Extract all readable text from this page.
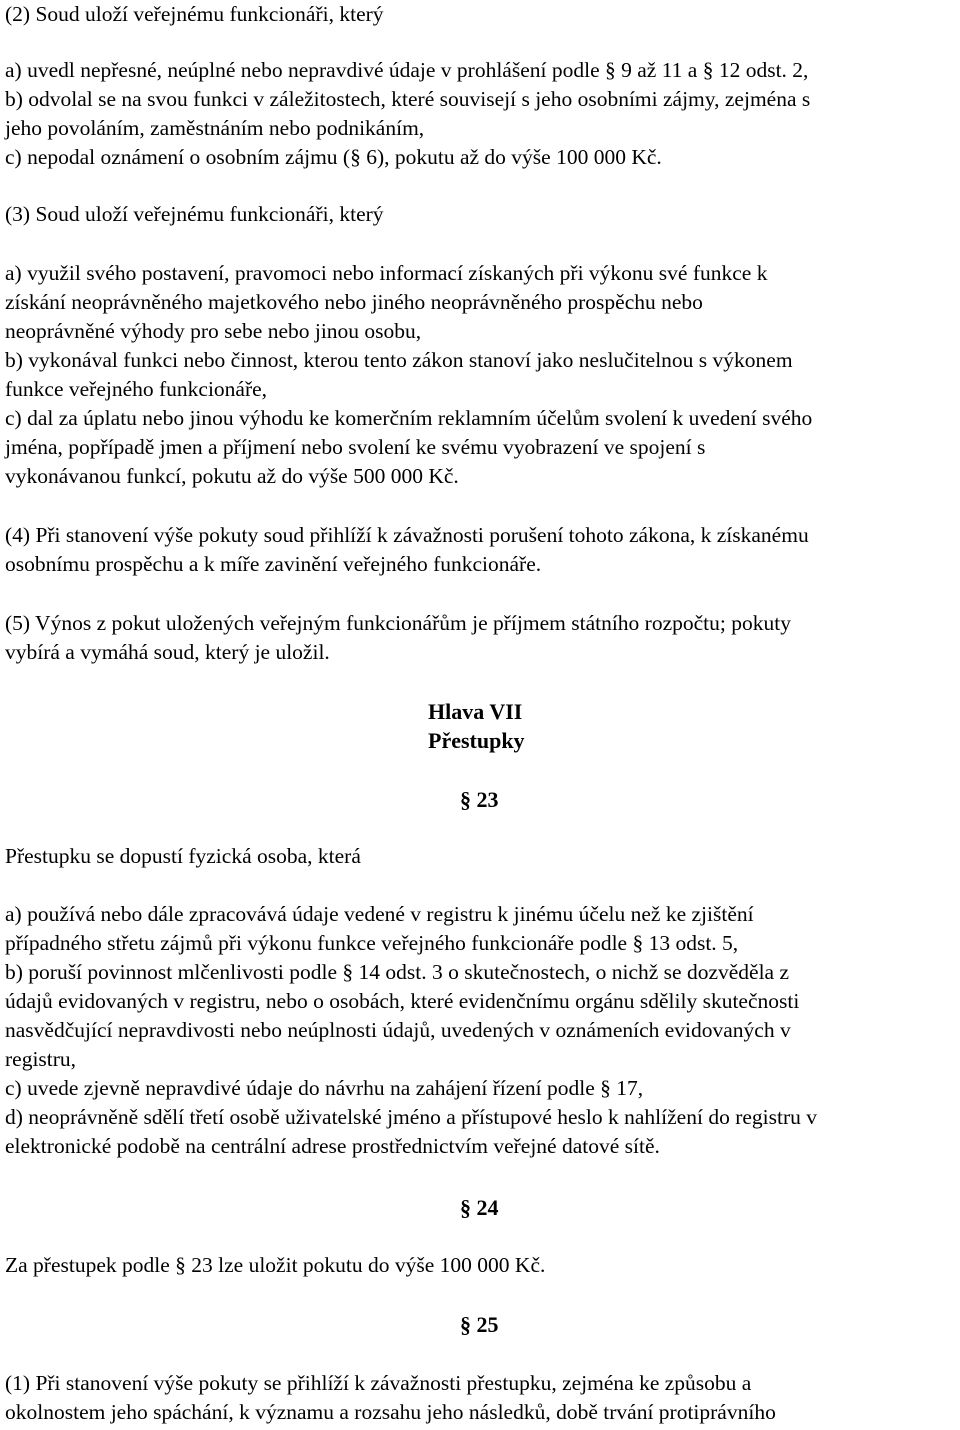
(2) Soud uloží veřejnému funkcionáři, který
a) uvedl nepřesné, neúplné nebo nepravdivé údaje v prohlášení podle § 9 až 11 a § 12 odst. 2,
b) odvolal se na svou funkci v záležitostech, které souvisejí s jeho osobními zájmy, zejména s
jeho povoláním, zaměstnáním nebo podnikáním,
c) nepodal oznámení o osobním zájmu (§ 6), pokutu až do výše 100 000 Kč.
(3) Soud uloží veřejnému funkcionáři, který
a) využil svého postavení, pravomoci nebo informací získaných při výkonu své funkce k
získání neoprávněného majetkového nebo jiného neoprávněného prospěchu nebo
neoprávněné výhody pro sebe nebo jinou osobu,
b) vykonával funkci nebo činnost, kterou tento zákon stanoví jako neslučitelnou s výkonem
funkce veřejného funkcionáře,
c) dal za úplatu nebo jinou výhodu ke komerčním reklamním účelům svolení k uvedení svého
jména, popřípadě jmen a příjmení nebo svolení ke svému vyobrazení ve spojení s
vykonávanou funkcí, pokutu až do výše 500 000 Kč.
(4) Při stanovení výše pokuty soud přihlíží k závažnosti porušení tohoto zákona, k získanému
osobnímu prospěchu a k míře zavinění veřejného funkcionáře.
(5) Výnos z pokut uložených veřejným funkcionářům je příjmem státního rozpočtu; pokuty
vybírá a vymáhá soud, který je uložil.
Hlava VII
Přestupky
§ 23
Přestupku se dopustí fyzická osoba, která
a) používá nebo dále zpracovává údaje vedené v registru k jinému účelu než ke zjištění
případného střetu zájmů při výkonu funkce veřejného funkcionáře podle § 13 odst. 5,
b) poruší povinnost mlčenlivosti podle § 14 odst. 3 o skutečnostech, o nichž se dozvěděla z
údajů evidovaných v registru, nebo o osobách, které evidenčnímu orgánu sdělily skutečnosti
nasvědčující nepravdivosti nebo neúplnosti údajů, uvedených v oznámeních evidovaných v
registru,
c) uvede zjevně nepravdivé údaje do návrhu na zahájení řízení podle § 17,
d) neoprávněně sdělí třetí osobě uživatelské jméno a přístupové heslo k nahlížení do registru v
elektronické podobě na centrální adrese prostřednictvím veřejné datové sítě.
§ 24
Za přestupek podle § 23 lze uložit pokutu do výše 100 000 Kč.
§ 25
(1) Při stanovení výše pokuty se přihlíží k závažnosti přestupku, zejména ke způsobu a
okolnostem jeho spáchání, k významu a rozsahu jeho následků, době trvání protiprávního
